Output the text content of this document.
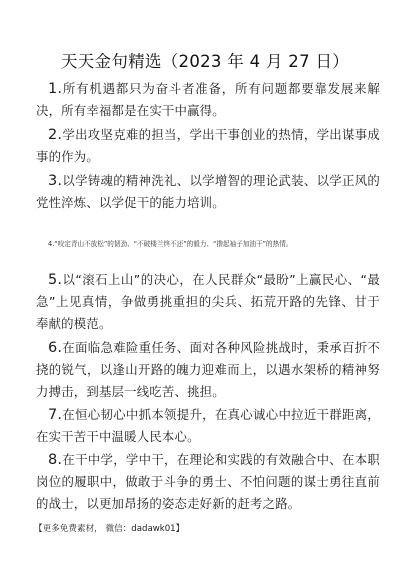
天天金句精选（2023 年 4 月 27 日）

1.所有机遇都只为奋斗者准备，所有问题都要靠发展来解决，所有幸福都是在实干中赢得。

2.学出攻坚克难的担当，学出干事创业的热情，学出谋事成事的作为。

3.以学铸魂的精神洗礼、以学增智的理论武装、以学正风的党性淬炼、以学促干的能力培训。

4.“咬定青山不放松”的韧劲、“不破楼兰终不还”的毅力、“撸起袖子加油干”的热情。

5.以“滚石上山”的决心，在人民群众“最盼”上赢民心、“最急”上见真情，争做勇挑重担的尖兵、拓荒开路的先锋、甘于奉献的模范。

6.在面临急难险重任务、面对各种风险挑战时，秉承百折不挠的锐气，以逢山开路的魄力迎难而上，以遇水架桥的精神努力搏击，到基层一线吃苦、挑担。

7.在恒心韧心中抓本领提升，在真心诚心中拉近干群距离，在实干苦干中温暖人民本心。

8.在干中学，学中干，在理论和实践的有效融合中、在本职岗位的履职中，做敢于斗争的勇士、不怕问题的谋士勇往直前的战士，以更加昂扬的姿态走好新的赶考之路。

【更多免费素材， 微信：dadawk01】
